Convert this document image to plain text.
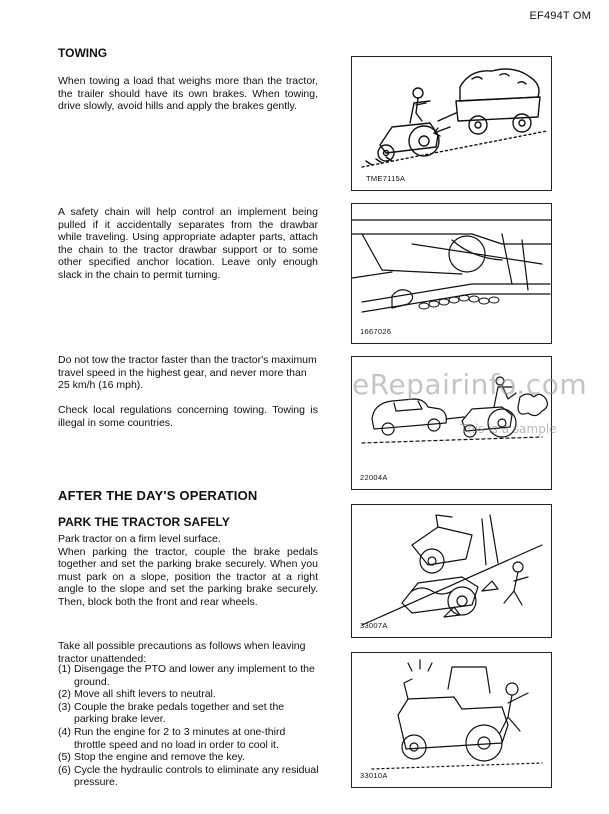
EF494T OM
TOWING
When towing a load that weighs more than the tractor, the trailer should have its own brakes. When towing, drive slowly, avoid hills and apply the brakes gently.
TME7115A
A safety chain will help control an implement being pulled if it accidentally separates from the drawbar while traveling. Using appropriate adapter parts, attach the chain to the tractor drawbar support or to some other specified anchor location. Leave only enough slack in the chain to permit turning.
1667026
Do not tow the tractor faster than the tractor's maximum travel speed in the highest gear, and never more than 25 km/h (16 mph).
Check local regulations concerning towing. Towing is illegal in some countries.
22004A
eRepairinfo.com
This is a sample
AFTER THE DAY'S OPERATION
PARK THE TRACTOR SAFELY

Park tractor on a firm level surface.

When parking the tractor, couple the brake pedals together and set the parking brake securely. When you must park on a slope, position the tractor at a right angle to the slope and set the parking brake securely. Then, block both the front and rear wheels.

33007A
Take all possible precautions as follows when leaving tractor unattended:
(1) Disengage the PTO and lower any implement to the ground.
(2) Move all shift levers to neutral.
(3) Couple the brake pedals together and set the parking brake lever.
(4) Run the engine for 2 to 3 minutes at one-third throttle speed and no load in order to cool it.
(5) Stop the engine and remove the key.
(6) Cycle the hydraulic controls to eliminate any residual pressure.
33010A
